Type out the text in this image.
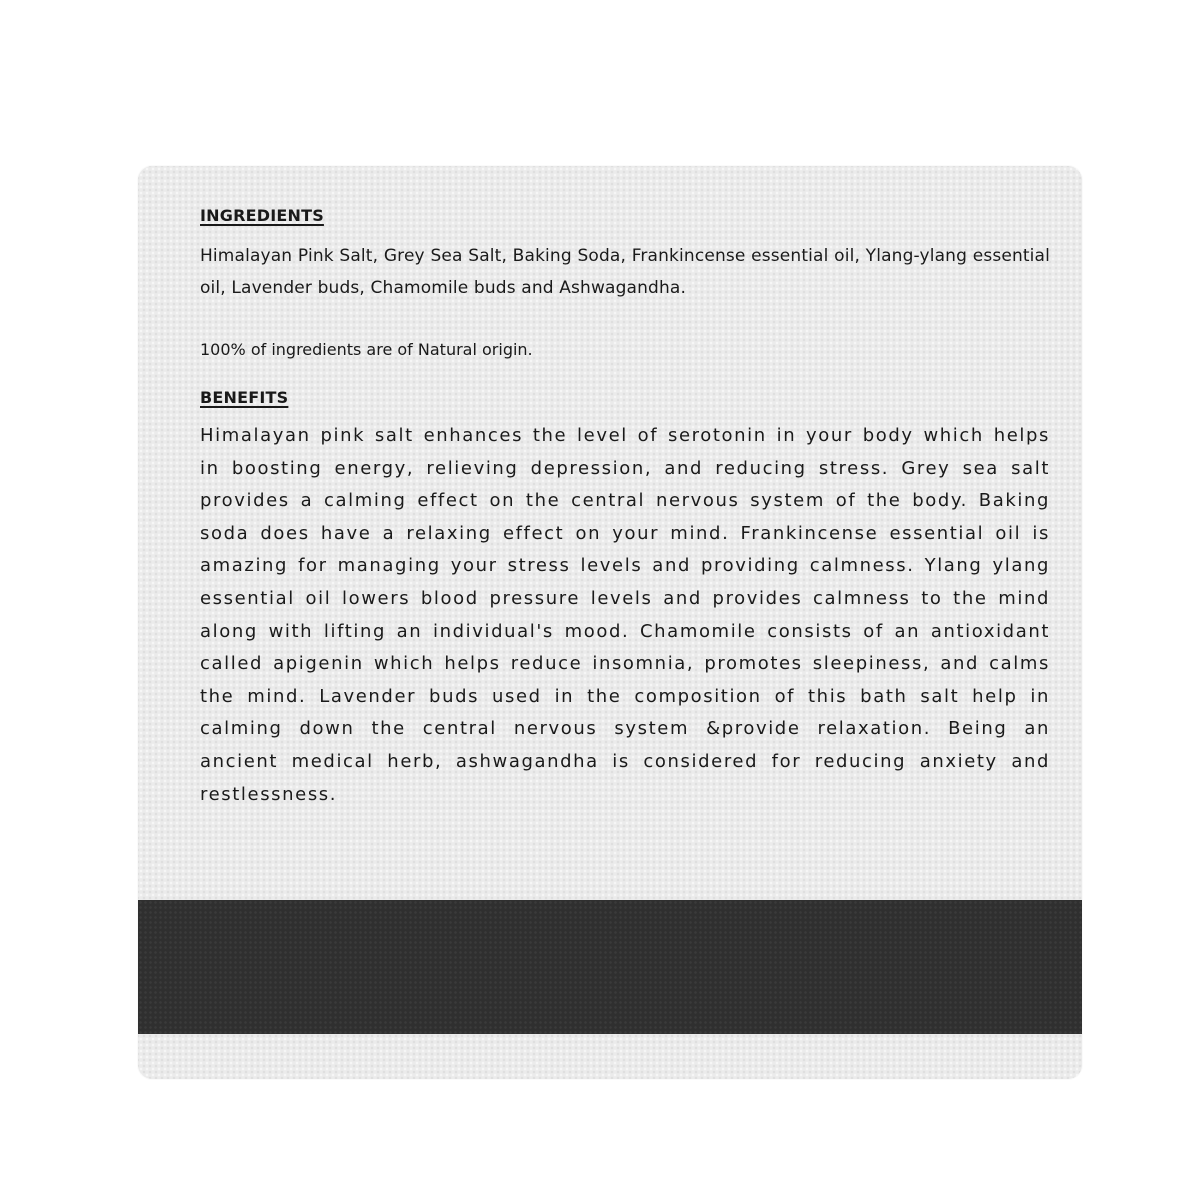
INGREDIENTS

Himalayan Pink Salt, Grey Sea Salt, Baking Soda, Frankincense essential oil, Ylang-ylang essential oil, Lavender buds, Chamomile buds and Ashwagandha.

100% of ingredients are of Natural origin.

BENEFITS

Himalayan pink salt enhances the level of serotonin in your body which helps in boosting energy, relieving depression, and reducing stress. Grey sea salt provides a calming effect on the central nervous system of the body. Baking soda does have a relaxing effect on your mind. Frankincense essential oil is amazing for managing your stress levels and providing calmness. Ylang ylang essential oil lowers blood pressure levels and provides calmness to the mind along with lifting an individual's mood. Chamomile consists of an antioxidant called apigenin which helps reduce insomnia, promotes sleepiness, and calms the mind. Lavender buds used in the composition of this bath salt help in calming down the central nervous system &provide relaxation. Being an ancient medical herb, ashwagandha is considered for reducing anxiety and restlessness.
